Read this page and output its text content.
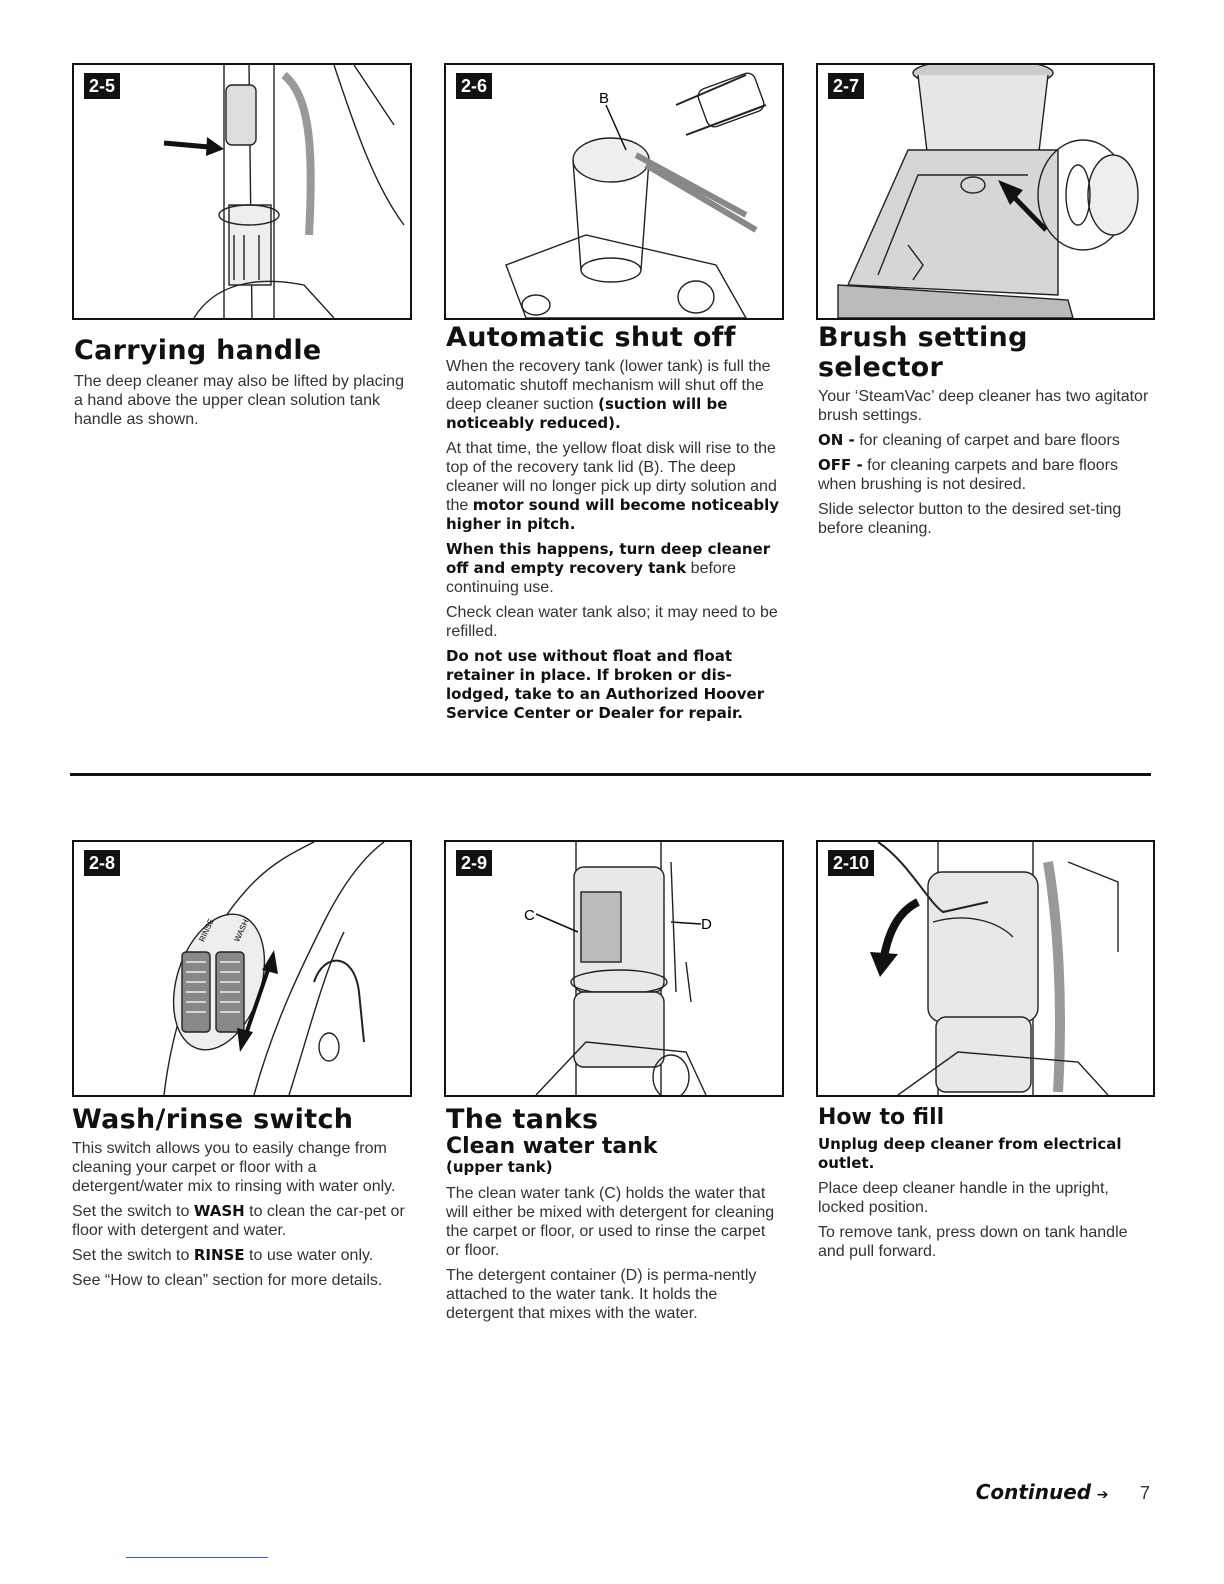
2-5
B
2-6	2-7
Carrying handle

The deep cleaner may also be lifted by placing a hand above the upper clean solution tank handle as shown.

Automatic shut off

When the recovery tank (lower tank) is full the automatic shutoff mechanism will shut off the deep cleaner suction (suction will be noticeably reduced).

At that time, the yellow float disk will rise to the top of the recovery tank lid (B). The deep cleaner will no longer pick up dirty solution and the motor sound will become noticeably higher in pitch.

When this happens, turn deep cleaner off and empty recovery tank before continuing use.

Check clean water tank also; it may need to be refilled.

Do not use without float and float retainer in place. If broken or dis-lodged, take to an Authorized Hoover Service Center or Dealer for repair.

Brush setting selector

Your ‘SteamVac’ deep cleaner has two agitator brush settings.

ON - for cleaning of carpet and bare floors

OFF - for cleaning carpets and bare floors when brushing is not desired.

Slide selector button to the desired set-ting before cleaning.

RINSE WASH
2-8
C
D
2-9	2-10
Wash/rinse switch

This switch allows you to easily change from cleaning your carpet or floor with a detergent/water mix to rinsing with water only.

Set the switch to WASH to clean the car-pet or floor with detergent and water.

Set the switch to RINSE to use water only.

See “How to clean” section for more details.

The tanks
Clean water tank
(upper tank)

The clean water tank (C) holds the water that will either be mixed with detergent for cleaning the carpet or floor, or used to rinse the carpet or floor.

The detergent container (D) is perma-nently attached to the water tank. It holds the detergent that mixes with the water.

How to fill

Unplug deep cleaner from electrical outlet.

Place deep cleaner handle in the upright, locked position.

To remove tank, press down on tank handle and pull forward.

Continued ➔ 7
